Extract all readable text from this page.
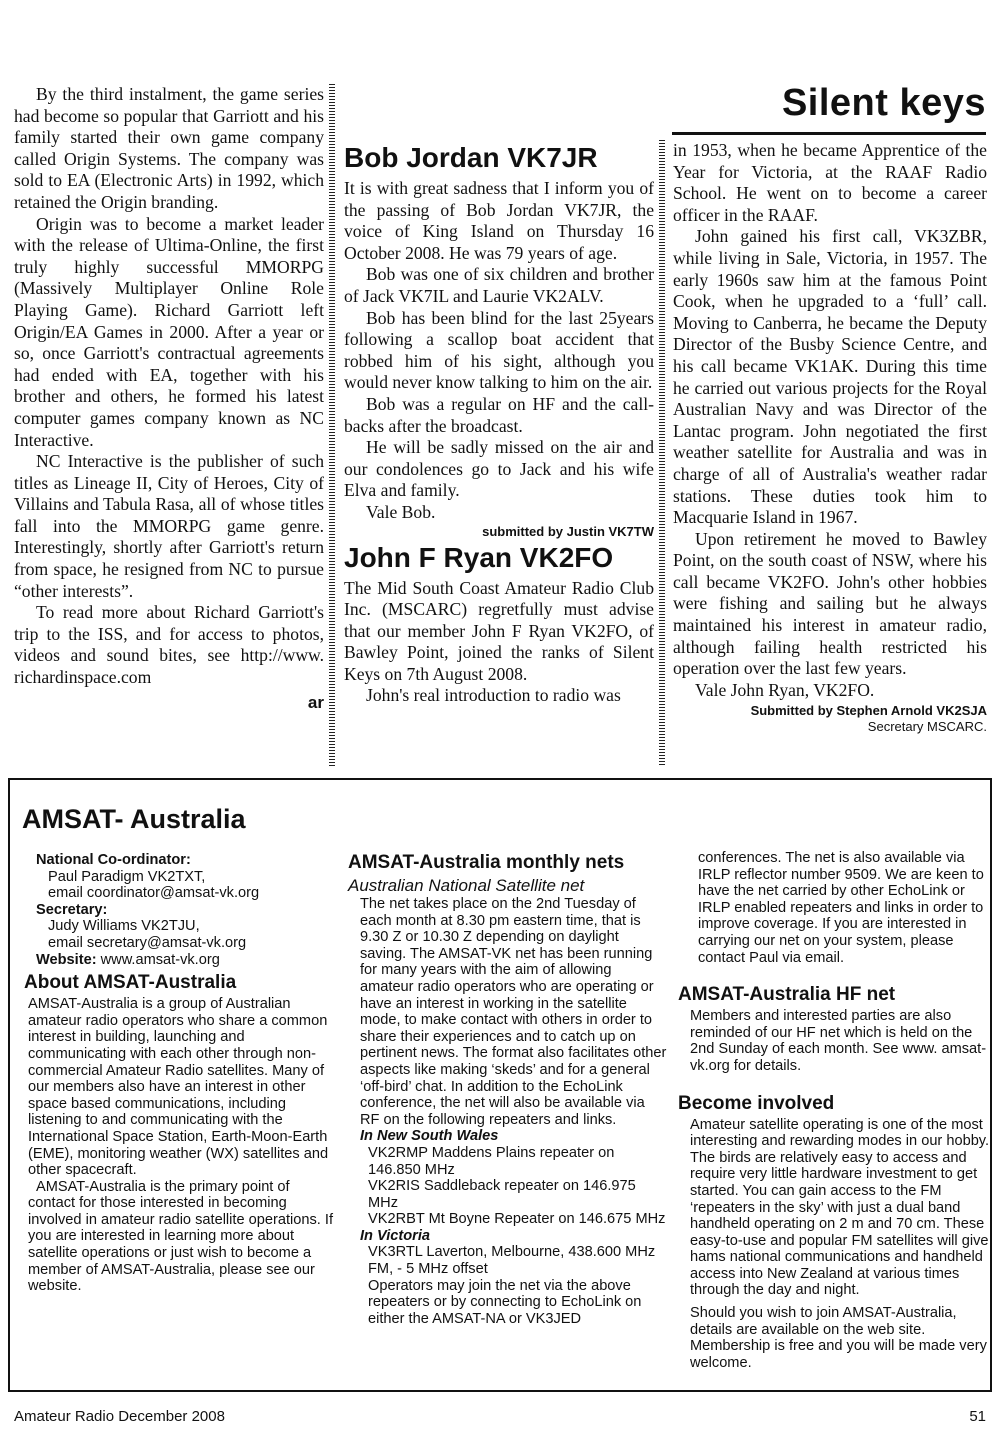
By the third instalment, the game series had become so popular that Garriott and his family started their own game company called Origin Systems. The company was sold to EA (Electronic Arts) in 1992, which retained the Origin branding.

Origin was to become a market leader with the release of Ultima-Online, the first truly highly successful MMORPG (Massively Multiplayer Online Role Playing Game). Richard Garriott left Origin/EA Games in 2000. After a year or so, once Garriott's contractual agreements had ended with EA, together with his brother and others, he formed his latest computer games company known as NC Interactive.

NC Interactive is the publisher of such titles as Lineage II, City of Heroes, City of Villains and Tabula Rasa, all of whose titles fall into the MMORPG game genre. Interestingly, shortly after Garriott's return from space, he resigned from NC to pursue “other interests”.

To read more about Richard Garriott's trip to the ISS, and for access to photos, videos and sound bites, see http://www. richardinspace.com

ar
Silent keys
Bob Jordan VK7JR

It is with great sadness that I inform you of the passing of Bob Jordan VK7JR, the voice of King Island on Thursday 16 October 2008. He was 79 years of age.

Bob was one of six children and brother of Jack VK7IL and Laurie VK2ALV.

Bob has been blind for the last 25years following a scallop boat accident that robbed him of his sight, although you would never know talking to him on the air.

Bob was a regular on HF and the call-backs after the broadcast.

He will be sadly missed on the air and our condolences go to Jack and his wife Elva and family.

Vale Bob.

submitted by Justin VK7TW
John F Ryan VK2FO

The Mid South Coast Amateur Radio Club Inc. (MSCARC) regretfully must advise that our member John F Ryan VK2FO, of Bawley Point, joined the ranks of Silent Keys on 7th August 2008.

John's real introduction to radio was

in 1953, when he became Apprentice of the Year for Victoria, at the RAAF Radio School. He went on to become a career officer in the RAAF.

John gained his first call, VK3ZBR, while living in Sale, Victoria, in 1957. The early 1960s saw him at the famous Point Cook, when he upgraded to a ‘full’ call. Moving to Canberra, he became the Deputy Director of the Busby Science Centre, and his call became VK1AK. During this time he carried out various projects for the Royal Australian Navy and was Director of the Lantac program. John negotiated the first weather satellite for Australia and was in charge of all of Australia's weather radar stations. These duties took him to Macquarie Island in 1967.

Upon retirement he moved to Bawley Point, on the south coast of NSW, where his call became VK2FO. John's other hobbies were fishing and sailing but he always maintained his interest in amateur radio, although failing health restricted his operation over the last few years.

Vale John Ryan, VK2FO.

Submitted by Stephen Arnold VK2SJA
Secretary MSCARC.
AMSAT- Australia
National Co-ordinator:
Paul Paradigm VK2TXT,
email coordinator@amsat-vk.org
Secretary:
Judy Williams VK2TJU,
email secretary@amsat-vk.org
Website: www.amsat-vk.org
About AMSAT-Australia

AMSAT-Australia is a group of Australian amateur radio operators who share a common interest in building, launching and communicating with each other through non-commercial Amateur Radio satellites. Many of our members also have an interest in other space based communications, including listening to and communicating with the International Space Station, Earth-Moon-Earth (EME), monitoring weather (WX) satellites and other spacecraft.

AMSAT-Australia is the primary point of contact for those interested in becoming involved in amateur radio satellite operations. If you are interested in learning more about satellite operations or just wish to become a member of AMSAT-Australia, please see our website.

AMSAT-Australia monthly nets
Australian National Satellite net

The net takes place on the 2nd Tuesday of each month at 8.30 pm eastern time, that is 9.30 Z or 10.30 Z depending on daylight saving. The AMSAT-VK net has been running for many years with the aim of allowing amateur radio operators who are operating or have an interest in working in the satellite mode, to make contact with others in order to share their experiences and to catch up on pertinent news. The format also facilitates other aspects like making ‘skeds’ and for a general ‘off-bird’ chat. In addition to the EchoLink conference, the net will also be available via RF on the following repeaters and links.

In New South Wales
VK2RMP Maddens Plains repeater on 146.850 MHz
VK2RIS Saddleback repeater on 146.975 MHz
VK2RBT Mt Boyne Repeater on 146.675 MHz
In Victoria
VK3RTL Laverton, Melbourne, 438.600 MHz FM, - 5 MHz offset

Operators may join the net via the above repeaters or by connecting to EchoLink on either the AMSAT-NA or VK3JED

conferences. The net is also available via IRLP reflector number 9509. We are keen to have the net carried by other EchoLink or IRLP enabled repeaters and links in order to improve coverage. If you are interested in carrying our net on your system, please contact Paul via email.

AMSAT-Australia HF net

Members and interested parties are also reminded of our HF net which is held on the 2nd Sunday of each month. See www. amsat-vk.org for details.

Become involved

Amateur satellite operating is one of the most interesting and rewarding modes in our hobby. The birds are relatively easy to access and require very little hardware investment to get started. You can gain access to the FM ‘repeaters in the sky’ with just a dual band handheld operating on 2 m and 70 cm. These easy-to-use and popular FM satellites will give hams national communications and handheld access into New Zealand at various times through the day and night.

Should you wish to join AMSAT-Australia, details are available on the web site. Membership is free and you will be made very welcome.

Amateur Radio December 2008	51
